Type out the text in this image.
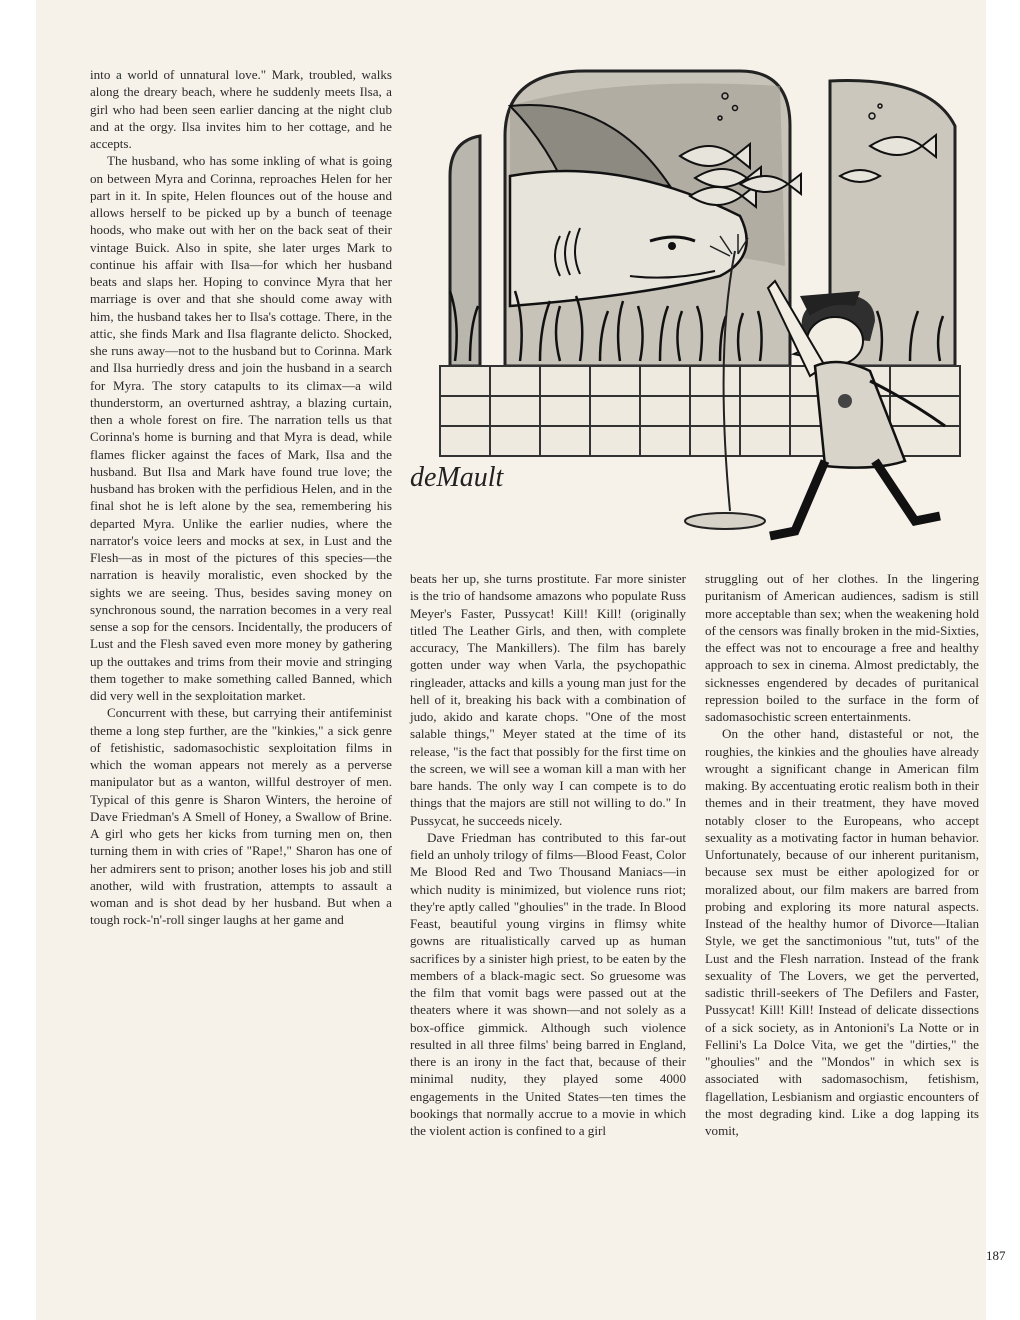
into a world of unnatural love." Mark, troubled, walks along the dreary beach, where he suddenly meets Ilsa, a girl who had been seen earlier dancing at the night club and at the orgy. Ilsa invites him to her cottage, and he accepts.

The husband, who has some inkling of what is going on between Myra and Corinna, reproaches Helen for her part in it. In spite, Helen flounces out of the house and allows herself to be picked up by a bunch of teenage hoods, who make out with her on the back seat of their vintage Buick. Also in spite, she later urges Mark to continue his affair with Ilsa—for which her husband beats and slaps her. Hoping to convince Myra that her marriage is over and that she should come away with him, the husband takes her to Ilsa's cottage. There, in the attic, she finds Mark and Ilsa flagrante delicto. Shocked, she runs away—not to the husband but to Corinna. Mark and Ilsa hurriedly dress and join the husband in a search for Myra. The story catapults to its climax—a wild thunderstorm, an overturned ashtray, a blazing curtain, then a whole forest on fire. The narration tells us that Corinna's home is burning and that Myra is dead, while flames flicker against the faces of Mark, Ilsa and the husband. But Ilsa and Mark have found true love; the husband has broken with the perfidious Helen, and in the final shot he is left alone by the sea, remembering his departed Myra. Unlike the earlier nudies, where the narrator's voice leers and mocks at sex, in Lust and the Flesh—as in most of the pictures of this species—the narration is heavily moralistic, even shocked by the sights we are seeing. Thus, besides saving money on synchronous sound, the narration becomes in a very real sense a sop for the censors. Incidentally, the producers of Lust and the Flesh saved even more money by gathering up the outtakes and trims from their movie and stringing them together to make something called Banned, which did very well in the sexploitation market.

Concurrent with these, but carrying their antifeminist theme a long step further, are the "kinkies," a sick genre of fetishistic, sadomasochistic sexploitation films in which the woman appears not merely as a perverse manipulator but as a wanton, willful destroyer of men. Typical of this genre is Sharon Winters, the heroine of Dave Friedman's A Smell of Honey, a Swallow of Brine. A girl who gets her kicks from turning men on, then turning them in with cries of "Rape!," Sharon has one of her admirers sent to prison; another loses his job and still another, wild with frustration, attempts to assault a woman and is shot dead by her husband. But when a tough rock-'n'-roll singer laughs at her game and

beats her up, she turns prostitute. Far more sinister is the trio of handsome amazons who populate Russ Meyer's Faster, Pussycat! Kill! Kill! (originally titled The Leather Girls, and then, with complete accuracy, The Mankillers). The film has barely gotten under way when Varla, the psychopathic ringleader, attacks and kills a young man just for the hell of it, breaking his back with a combination of judo, akido and karate chops. "One of the most salable things," Meyer stated at the time of its release, "is the fact that possibly for the first time on the screen, we will see a woman kill a man with her bare hands. The only way I can compete is to do things that the majors are still not willing to do." In Pussycat, he succeeds nicely.

Dave Friedman has contributed to this far-out field an unholy trilogy of films—Blood Feast, Color Me Blood Red and Two Thousand Maniacs—in which nudity is minimized, but violence runs riot; they're aptly called "ghoulies" in the trade. In Blood Feast, beautiful young virgins in flimsy white gowns are ritualistically carved up as human sacrifices by a sinister high priest, to be eaten by the members of a black-magic sect. So gruesome was the film that vomit bags were passed out at the theaters where it was shown—and not solely as a box-office gimmick. Although such violence resulted in all three films' being barred in England, there is an irony in the fact that, because of their minimal nudity, they played some 4000 engagements in the United States—ten times the bookings that normally accrue to a movie in which the violent action is confined to a girl

struggling out of her clothes. In the lingering puritanism of American audiences, sadism is still more acceptable than sex; when the weakening hold of the censors was finally broken in the mid-Sixties, the effect was not to encourage a free and healthy approach to sex in cinema. Almost predictably, the sicknesses engendered by decades of puritanical repression boiled to the surface in the form of sadomasochistic screen entertainments.

On the other hand, distasteful or not, the roughies, the kinkies and the ghoulies have already wrought a significant change in American film making. By accentuating erotic realism both in their themes and in their treatment, they have moved notably closer to the Europeans, who accept sexuality as a motivating factor in human behavior. Unfortunately, because of our inherent puritanism, because sex must be either apologized for or moralized about, our film makers are barred from probing and exploring its more natural aspects. Instead of the healthy humor of Divorce—Italian Style, we get the sanctimonious "tut, tuts" of the Lust and the Flesh narration. Instead of the frank sexuality of The Lovers, we get the perverted, sadistic thrill-seekers of The Defilers and Faster, Pussycat! Kill! Kill! Instead of delicate dissections of a sick society, as in Antonioni's La Notte or in Fellini's La Dolce Vita, we get the "dirties," the "ghoulies" and the "Mondos" in which sex is associated with sadomasochism, fetishism, flagellation, Lesbianism and orgiastic encounters of the most degrading kind. Like a dog lapping its vomit,

187
deMault
